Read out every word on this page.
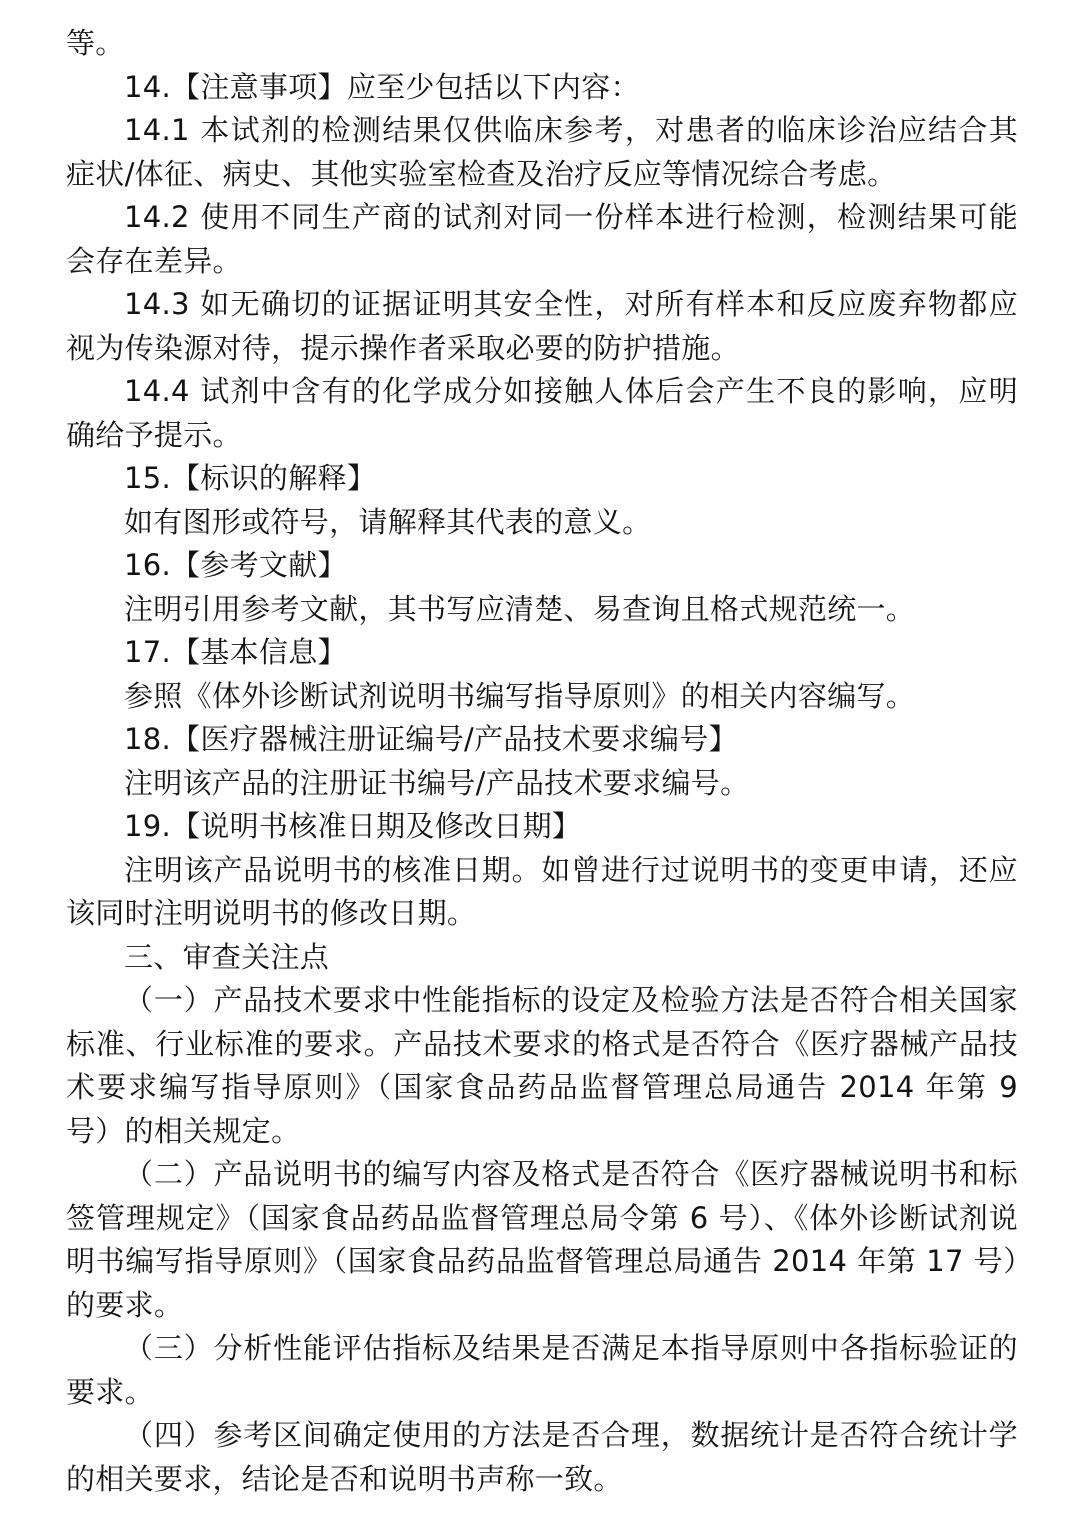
等。

14.【注意事项】应至少包括以下内容：

14.1 本试剂的检测结果仅供临床参考，对患者的临床诊治应结合其症状/体征、病史、其他实验室检查及治疗反应等情况综合考虑。

14.2 使用不同生产商的试剂对同一份样本进行检测，检测结果可能会存在差异。

14.3 如无确切的证据证明其安全性，对所有样本和反应废弃物都应视为传染源对待，提示操作者采取必要的防护措施。

14.4 试剂中含有的化学成分如接触人体后会产生不良的影响，应明确给予提示。

15.【标识的解释】

如有图形或符号，请解释其代表的意义。

16.【参考文献】

注明引用参考文献，其书写应清楚、易查询且格式规范统一。

17.【基本信息】

参照《体外诊断试剂说明书编写指导原则》的相关内容编写。

18.【医疗器械注册证编号/产品技术要求编号】

注明该产品的注册证书编号/产品技术要求编号。

19.【说明书核准日期及修改日期】

注明该产品说明书的核准日期。如曾进行过说明书的变更申请，还应该同时注明说明书的修改日期。

三、审查关注点

（一）产品技术要求中性能指标的设定及检验方法是否符合相关国家标准、行业标准的要求。产品技术要求的格式是否符合《医疗器械产品技术要求编写指导原则》（国家食品药品监督管理总局通告 2014 年第 9 号）的相关规定。

（二）产品说明书的编写内容及格式是否符合《医疗器械说明书和标签管理规定》（国家食品药品监督管理总局令第 6 号）、《体外诊断试剂说明书编写指导原则》（国家食品药品监督管理总局通告 2014 年第 17 号）的要求。

（三）分析性能评估指标及结果是否满足本指导原则中各指标验证的要求。

（四）参考区间确定使用的方法是否合理，数据统计是否符合统计学的相关要求，结论是否和说明书声称一致。
